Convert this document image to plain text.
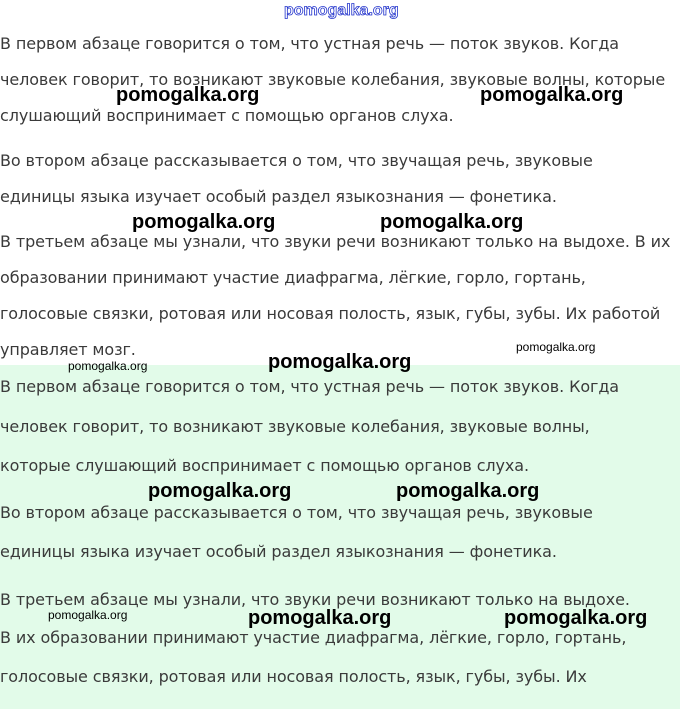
В первом абзаце говорится о том, что устная речь — поток звуков. Когда
человек говорит, то возникают звуковые колебания, звуковые волны, которые
слушающий воспринимает с помощью органов слуха.
Во втором абзаце рассказывается о том, что звучащая речь, звуковые
единицы языка изучает особый раздел языкознания — фонетика.
В третьем абзаце мы узнали, что звуки речи возникают только на выдохе. В их
образовании принимают участие диафрагма, лёгкие, горло, гортань,
голосовые связки, ротовая или носовая полость, язык, губы, зубы. Их работой
управляет мозг.
В первом абзаце говорится о том, что устная речь — поток звуков. Когда
человек говорит, то возникают звуковые колебания, звуковые волны,
которые слушающий воспринимает с помощью органов слуха.
Во втором абзаце рассказывается о том, что звучащая речь, звуковые
единицы языка изучает особый раздел языкознания — фонетика.
В третьем абзаце мы узнали, что звуки речи возникают только на выдохе.
В их образовании принимают участие диафрагма, лёгкие, горло, гортань,
голосовые связки, ротовая или носовая полость, язык, губы, зубы. Их
pomogalka.org
pomogalka.org	pomogalka.org
pomogalka.org	pomogalka.org
pomogalka.org
pomogalka.org
pomogalka.org
pomogalka.org	pomogalka.org
pomogalka.org	pomogalka.org	pomogalka.org
